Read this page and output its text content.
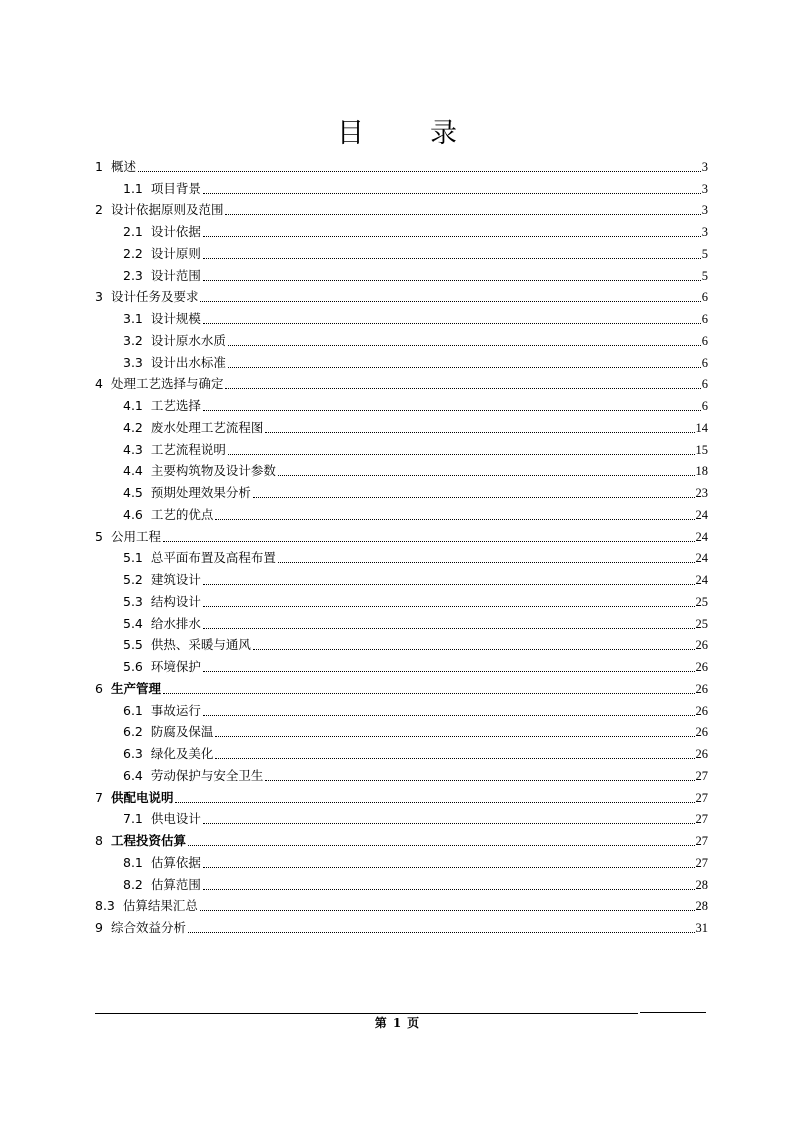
目 录
1 概述	3
1.1 项目背景	3
2 设计依据原则及范围	3
2.1 设计依据	3
2.2 设计原则	5
2.3 设计范围	5
3 设计任务及要求	6
3.1 设计规模	6
3.2 设计原水水质	6
3.3 设计出水标准	6
4 处理工艺选择与确定	6
4.1 工艺选择	6
4.2 废水处理工艺流程图	14
4.3 工艺流程说明	15
4.4 主要构筑物及设计参数	18
4.5 预期处理效果分析	23
4.6 工艺的优点	24
5 公用工程	24
5.1 总平面布置及高程布置	24
5.2 建筑设计	24
5.3 结构设计	25
5.4 给水排水	25
5.5 供热、采暖与通风	26
5.6 环境保护	26
6 生产管理	26
6.1 事故运行	26
6.2 防腐及保温	26
6.3 绿化及美化	26
6.4 劳动保护与安全卫生	27
7 供配电说明	27
7.1 供电设计	27
8 工程投资估算	27
8.1 估算依据	27
8.2 估算范围	28
8.3 估算结果汇总	28
9 综合效益分析	31
第 1 页
